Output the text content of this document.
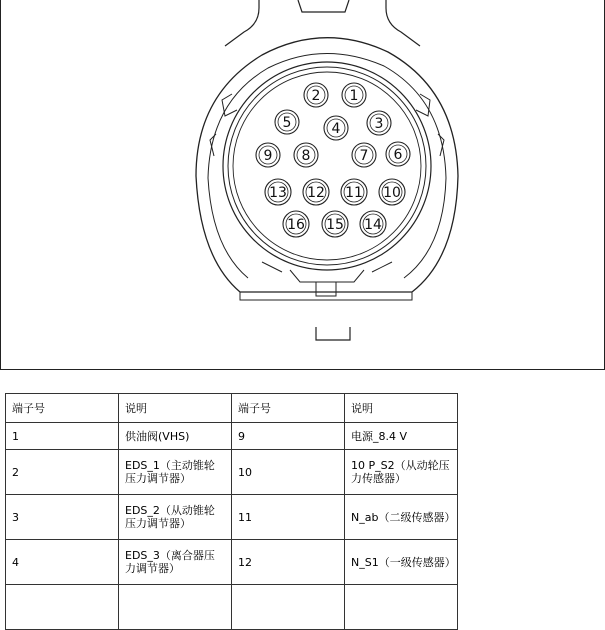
1
2
3
4
5
6
7
8
9
10
11
12
13
14
15
16
端子号	说明	端子号	说明
1	供油阀(VHS)	9	电源_8.4 V
2	EDS_1（主动锥轮压力调节器）	10	10 P_S2（从动轮压力传感器）
3	EDS_2（从动锥轮压力调节器）	11	N_ab（二级传感器）
4	EDS_3（离合器压力调节器）	12	N_S1（一级传感器）
